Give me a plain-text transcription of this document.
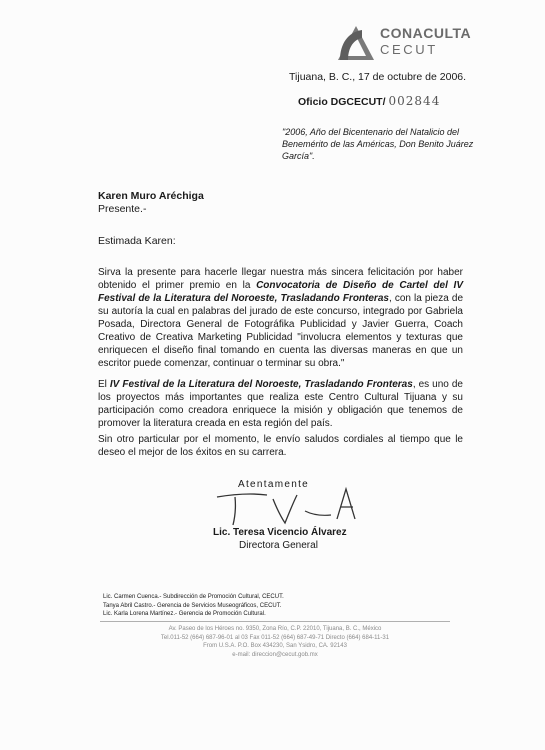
CONACULTA
CECUT
Tijuana, B. C., 17 de octubre de 2006.
Oficio DGCECUT/ 002844
"2006, Año del Bicentenario del Natalicio del Benemérito de las Américas, Don Benito Juárez García".
Karen Muro Aréchiga
Presente.-
Estimada Karen:
Sirva la presente para hacerle llegar nuestra más sincera felicitación por haber obtenido el primer premio en la Convocatoria de Diseño de Cartel del IV Festival de la Literatura del Noroeste, Trasladando Fronteras, con la pieza de su autoría la cual en palabras del jurado de este concurso, integrado por Gabriela Posada, Directora General de Fotográfika Publicidad y Javier Guerra, Coach Creativo de Creativa Marketing Publicidad "involucra elementos y texturas que enriquecen el diseño final tomando en cuenta las diversas maneras en que un escritor puede comenzar, continuar o terminar su obra."
El IV Festival de la Literatura del Noroeste, Trasladando Fronteras, es uno de los proyectos más importantes que realiza este Centro Cultural Tijuana y su participación como creadora enriquece la misión y obligación que tenemos de promover la literatura creada en esta región del país.
Sin otro particular por el momento, le envío saludos cordiales al tiempo que le deseo el mejor de los éxitos en su carrera.
Atentamente
Lic. Teresa Vicencio Álvarez
Directora General
Lic. Carmen Cuenca.- Subdirección de Promoción Cultural, CECUT.
Tanya Abril Castro.- Gerencia de Servicios Museográficos, CECUT.
Lic. Karla Lorena Martínez.- Gerencia de Promoción Cultural.
Av. Paseo de los Héroes no. 9350, Zona Río, C.P. 22010, Tijuana, B. C., México
Tel.011-52 (664) 687-96-01 al 03 Fax 011-52 (664) 687-49-71 Directo (664) 684-11-31
From U.S.A. P.O. Box 434230, San Ysidro, CA. 92143
e-mail: direccion@cecut.gob.mx
